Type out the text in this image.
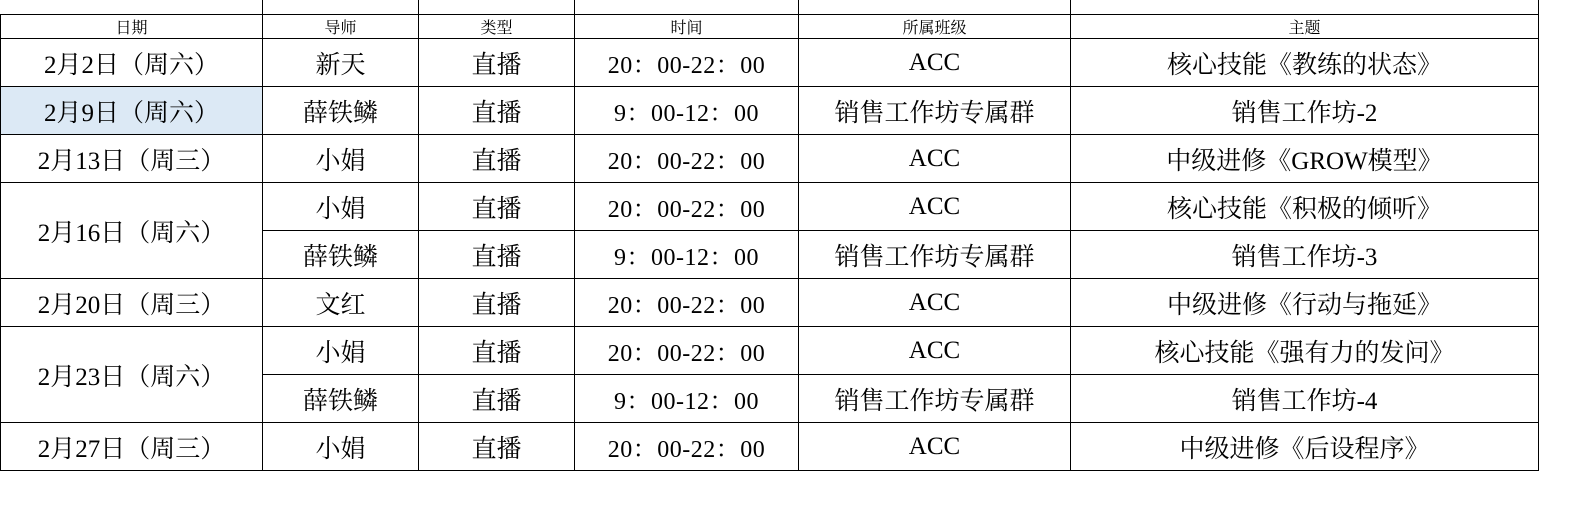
日期	导师	类型	时间	所属班级	主题
2月2日（周六）	新天	直播	20：00-22：00	ACC	核心技能《教练的状态》
2月9日（周六）	薛铁鳞	直播	9：00-12：00	销售工作坊专属群	销售工作坊-2
2月13日（周三）	小娟	直播	20：00-22：00	ACC	中级进修《GROW模型》
2月16日（周六）	小娟	直播	20：00-22：00	ACC	核心技能《积极的倾听》
	薛铁鳞	直播	9：00-12：00	销售工作坊专属群	销售工作坊-3
2月20日（周三）	文红	直播	20：00-22：00	ACC	中级进修《行动与拖延》
2月23日（周六）	小娟	直播	20：00-22：00	ACC	核心技能《强有力的发问》
	薛铁鳞	直播	9：00-12：00	销售工作坊专属群	销售工作坊-4
2月27日（周三）	小娟	直播	20：00-22：00	ACC	中级进修《后设程序》
